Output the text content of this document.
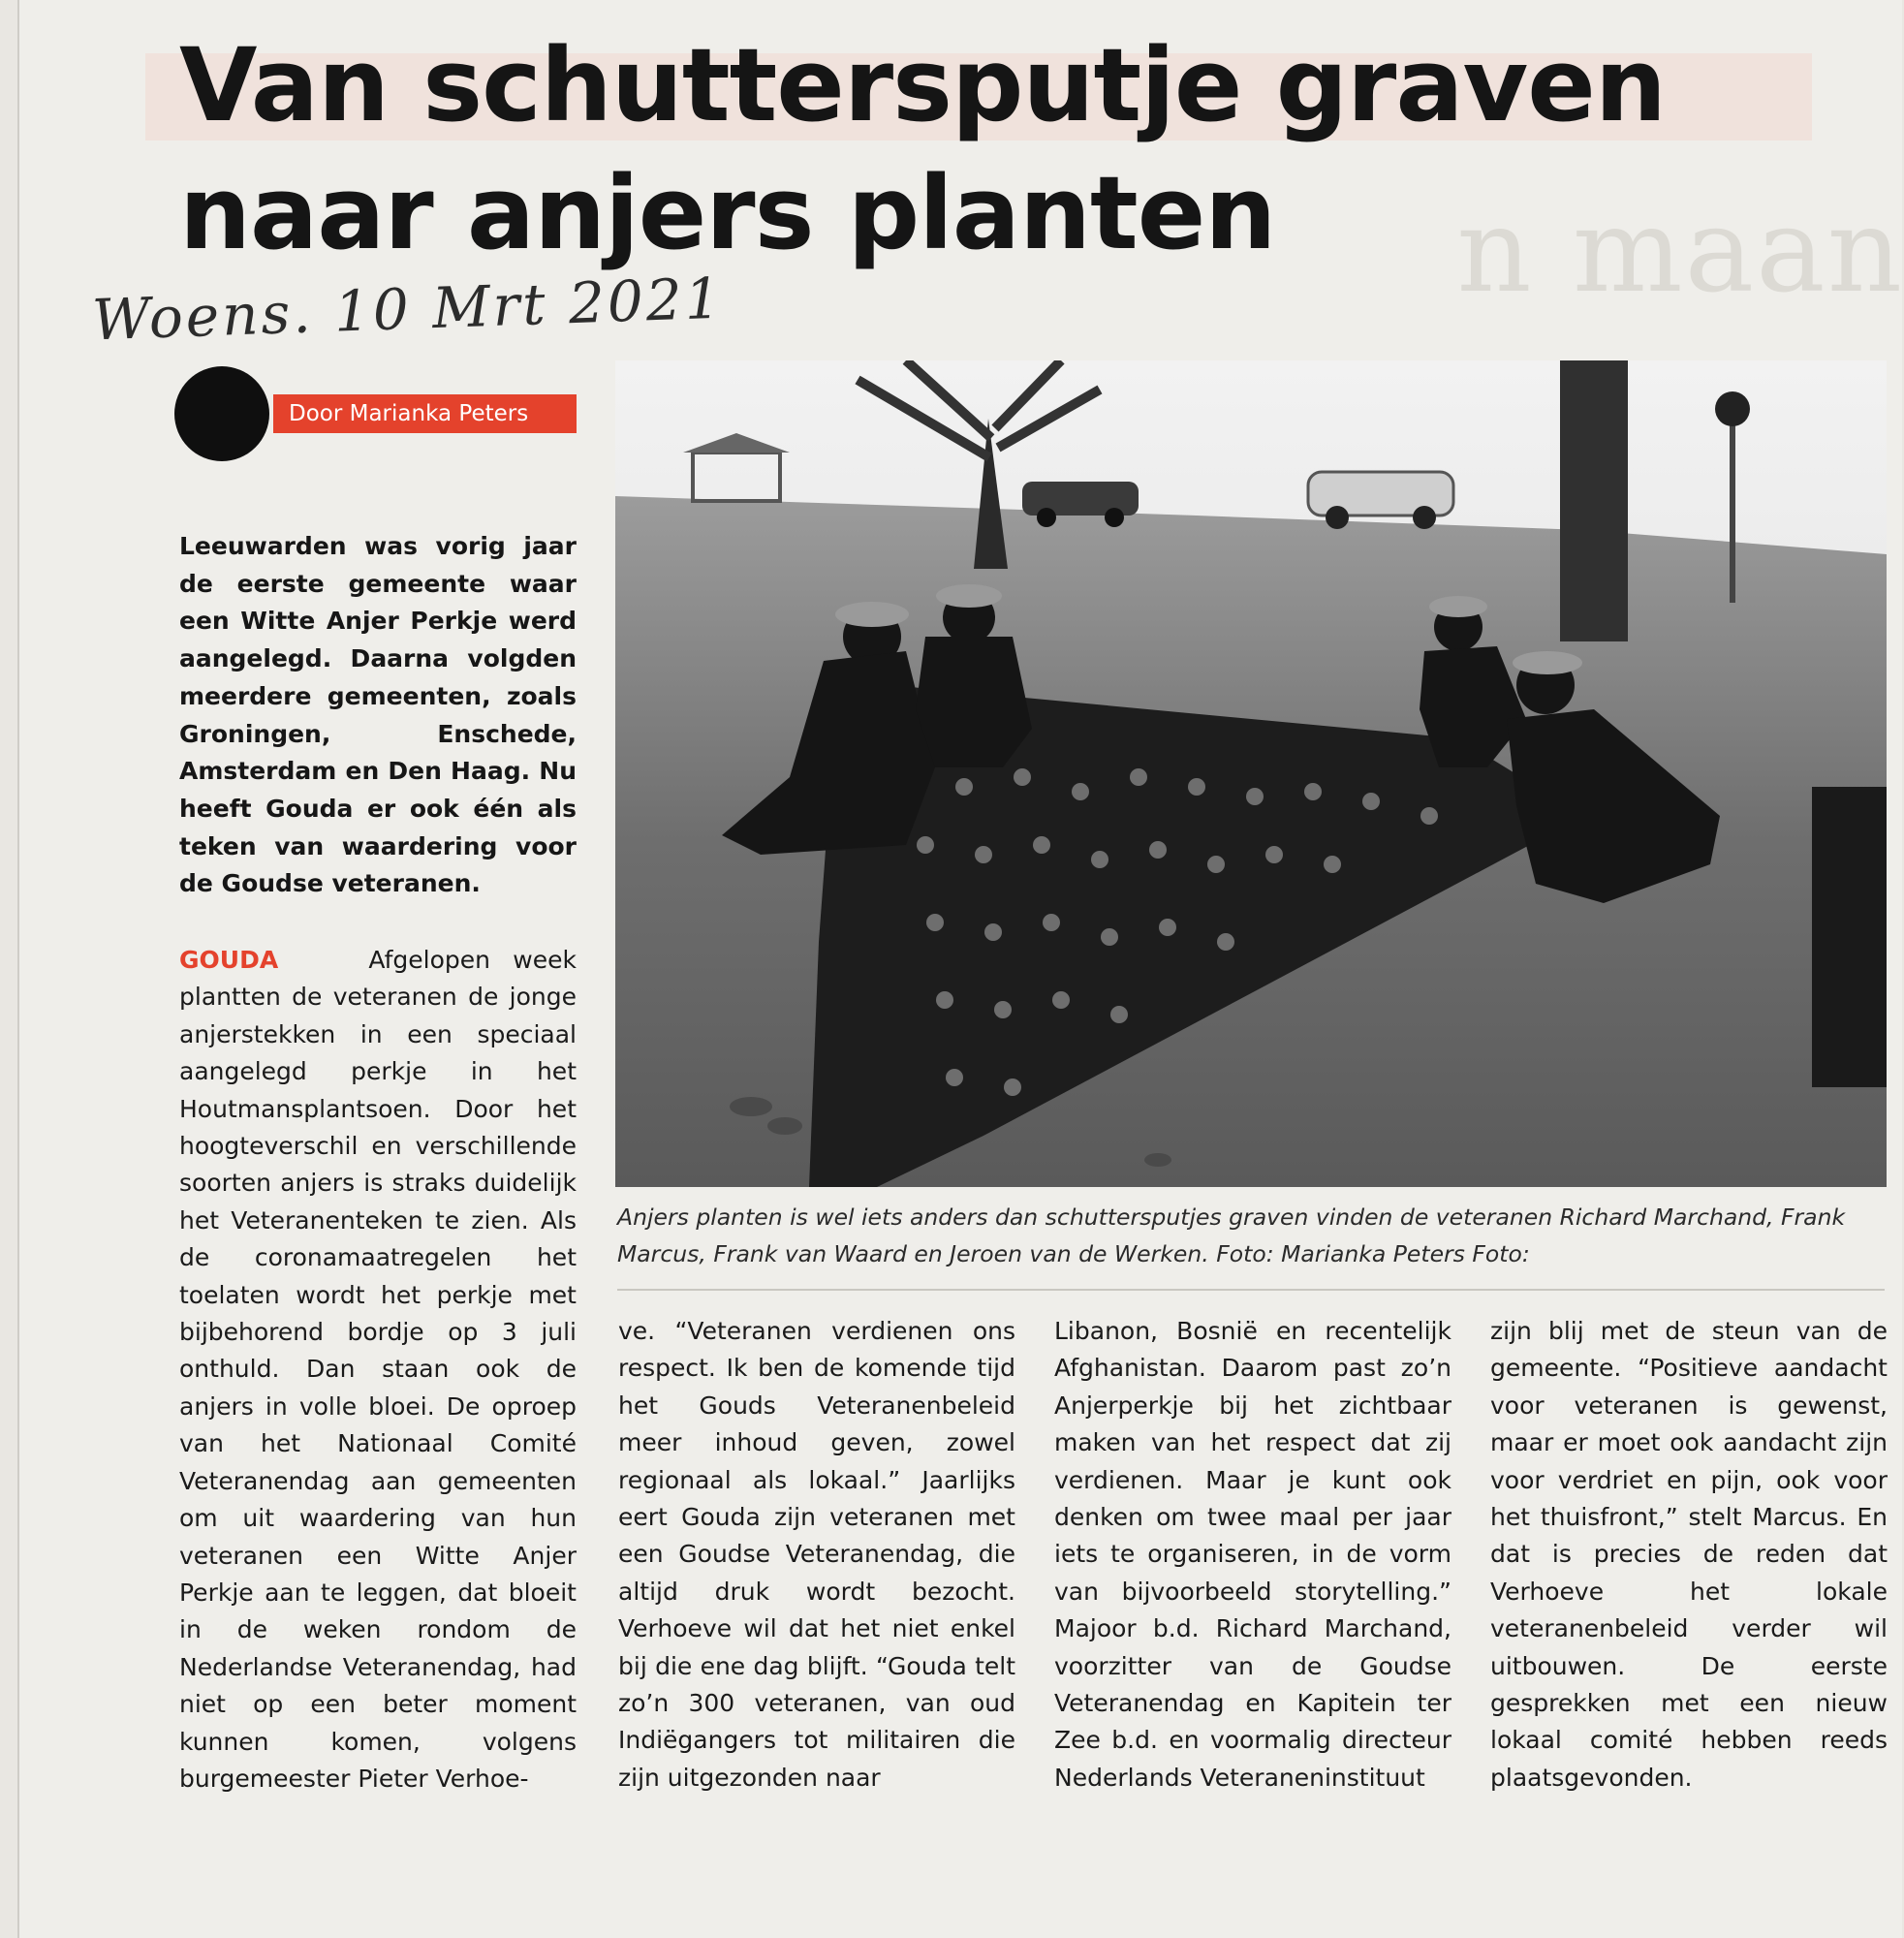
n maan
Van schuttersputje graven naar anjers planten
Woens. 10 Mrt 2021
Door Marianka Peters

Leeuwarden was vorig jaar de eerste gemeente waar een Witte Anjer Perkje werd aangelegd. Daarna volgden meerdere gemeenten, zoals Groningen, Enschede, Amsterdam en Den Haag. Nu heeft Gouda er ook één als teken van waardering voor de Goudse veteranen.

GOUDA	Afgelopen week plantten de veteranen de jonge anjerstekken in een speciaal aangelegd perkje in het Houtmansplantsoen. Door het hoogteverschil en verschillende soorten anjers is straks duidelijk het Veteranenteken te zien. Als de coronamaatregelen het toelaten wordt het perkje met bijbehorend bordje op 3 juli onthuld. Dan staan ook de anjers in volle bloei. De oproep van het Nationaal Comité Veteranendag aan gemeenten om uit waardering van hun veteranen een Witte Anjer Perkje aan te leggen, dat bloeit in de weken rondom de Nederlandse Veteranendag, had niet op een beter moment kunnen komen, volgens burgemeester Pieter Verhoe-

Anjers planten is wel iets anders dan schuttersputjes graven vinden de veteranen Richard Marchand, Frank Marcus, Frank van Waard en Jeroen van de Werken. Foto: Marianka Peters Foto:

ve. “Veteranen verdienen ons respect. Ik ben de komende tijd het Gouds Veteranenbeleid meer inhoud geven, zowel regionaal als lokaal.” Jaarlijks eert Gouda zijn veteranen met een Goudse Veteranendag, die altijd druk wordt bezocht. Verhoeve wil dat het niet enkel bij die ene dag blijft. “Gouda telt zo’n 300 veteranen, van oud Indiëgangers tot militairen die zijn uitgezonden naar

Libanon, Bosnië en recentelijk Afghanistan. Daarom past zo’n Anjerperkje bij het zichtbaar maken van het respect dat zij verdienen. Maar je kunt ook denken om twee maal per jaar iets te organiseren, in de vorm van bijvoorbeeld storytelling.” Majoor b.d. Richard Marchand, voorzitter van de Goudse Veteranendag en Kapitein ter Zee b.d. en voormalig directeur Nederlands Veteraneninstituut

zijn blij met de steun van de gemeente. “Positieve aandacht voor veteranen is gewenst, maar er moet ook aandacht zijn voor verdriet en pijn, ook voor het thuisfront,” stelt Marcus. En dat is precies de reden dat Verhoeve het lokale veteranenbeleid verder wil uitbouwen. De eerste gesprekken met een nieuw lokaal comité hebben reeds plaatsgevonden.
